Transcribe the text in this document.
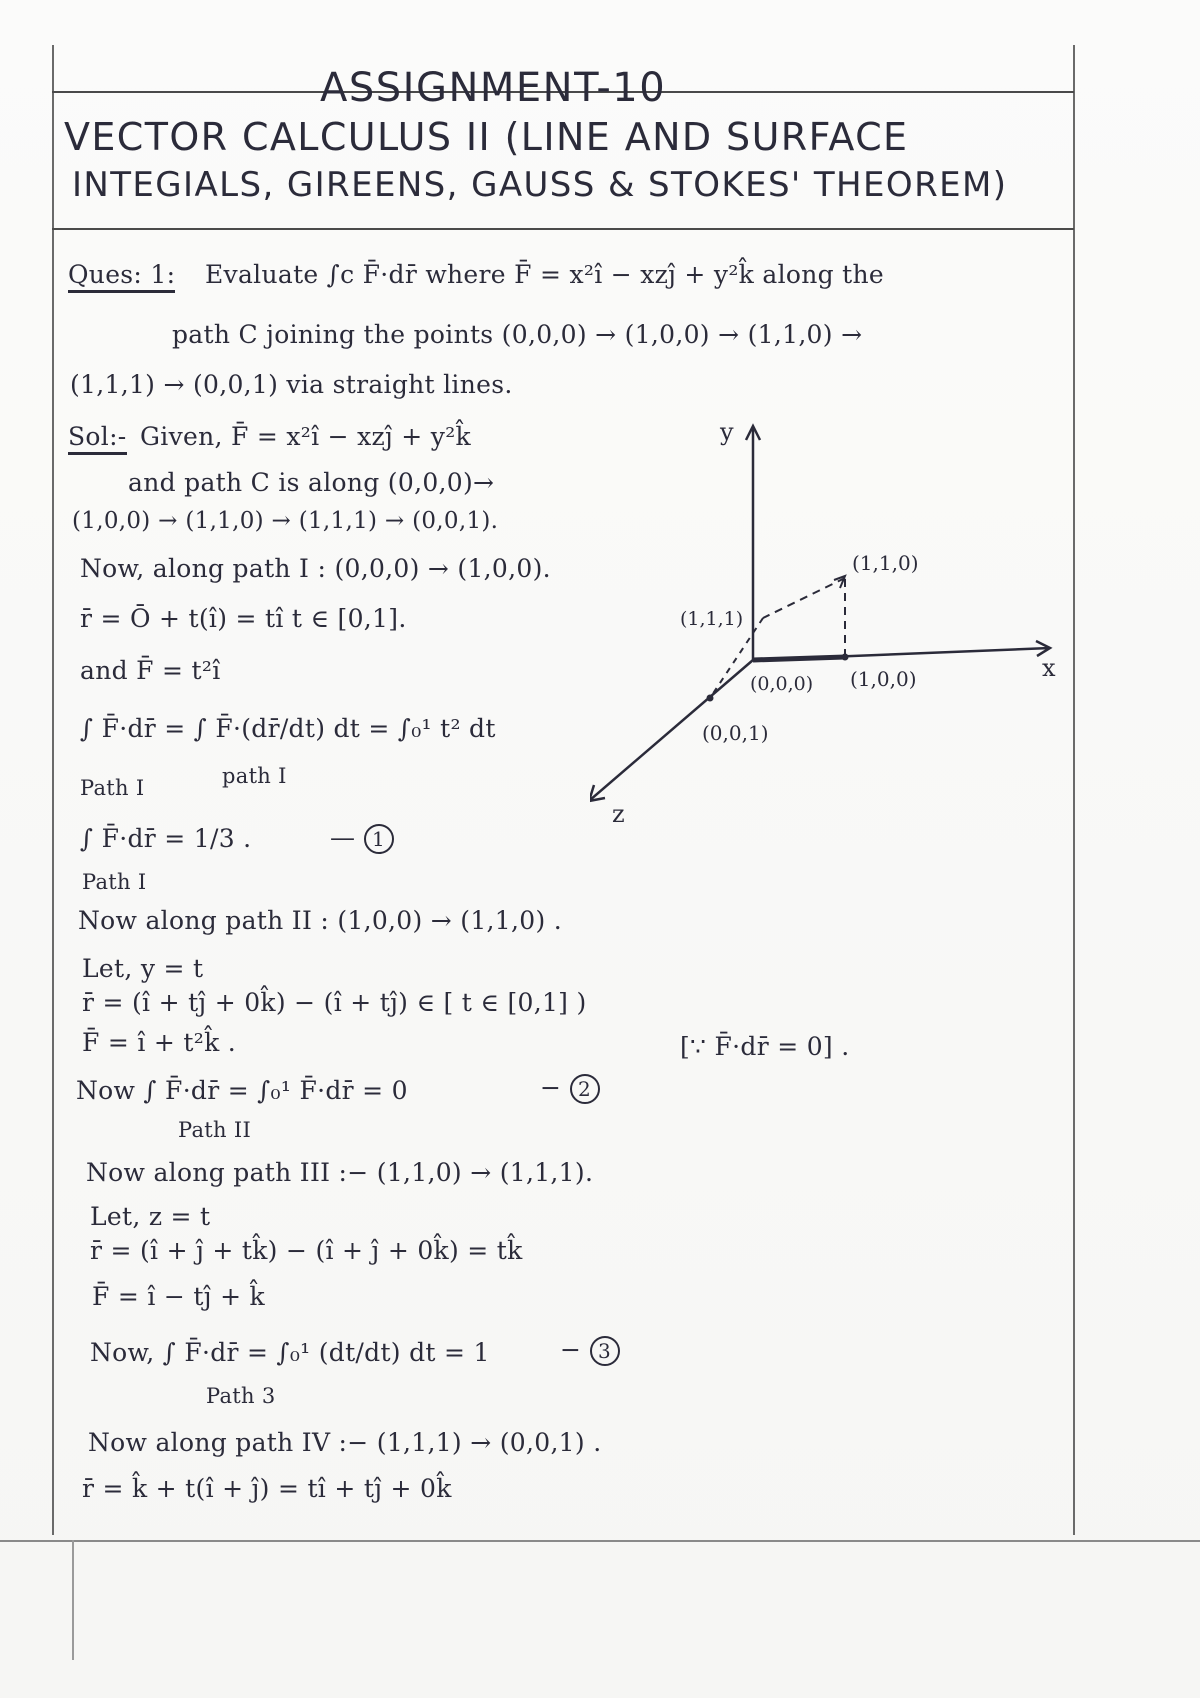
ASSIGNMENT-10
VECTOR CALCULUS II (LINE AND SURFACE
INTEGIALS, GIREENS, GAUSS & STOKES' THEOREM)
Ques: 1: Evaluate ∫c F̄·dr̄ where F̄ = x²î − xzĵ + y²k̂ along the
path C joining the points (0,0,0) → (1,0,0) → (1,1,0) →
(1,1,1) → (0,0,1) via straight lines.
Sol:- Given, F̄ = x²î − xzĵ + y²k̂
and path C is along (0,0,0)→
(1,0,0) → (1,1,0) → (1,1,1) → (0,0,1).
Now, along path I : (0,0,0) → (1,0,0).
r̄ = Ō + t(î) = tî t ∈ [0,1].
and F̄ = t²î
∫ F̄·dr̄ = ∫ F̄·(dr̄/dt) dt = ∫₀¹ t² dt
Path I	path I
∫ F̄·dr̄ = 1/3 .
Path I
— 1
Now along path II : (1,0,0) → (1,1,0) .
Let, y = t
r̄ = (î + tĵ + 0k̂) − (î + tĵ) ∈ [ t ∈ [0,1] )
F̄ = î + t²k̂ .
Now ∫ F̄·dr̄ = ∫₀¹ F̄·dr̄ = 0
Path II
− 2
[∵ F̄·dr̄ = 0] .
Now along path III :− (1,1,0) → (1,1,1).
Let, z = t
r̄ = (î + ĵ + tk̂) − (î + ĵ + 0k̂) = tk̂
F̄ = î − tĵ + k̂
Now, ∫ F̄·dr̄ = ∫₀¹ (dt/dt) dt = 1
Path 3
− 3
Now along path IV :− (1,1,1) → (0,0,1) .
r̄ = k̂ + t(î + ĵ) = tî + tĵ + 0k̂
y
x
z
(1,1,0)
(1,1,1)
(0,0,0) (1,0,0)
(0,0,1)
